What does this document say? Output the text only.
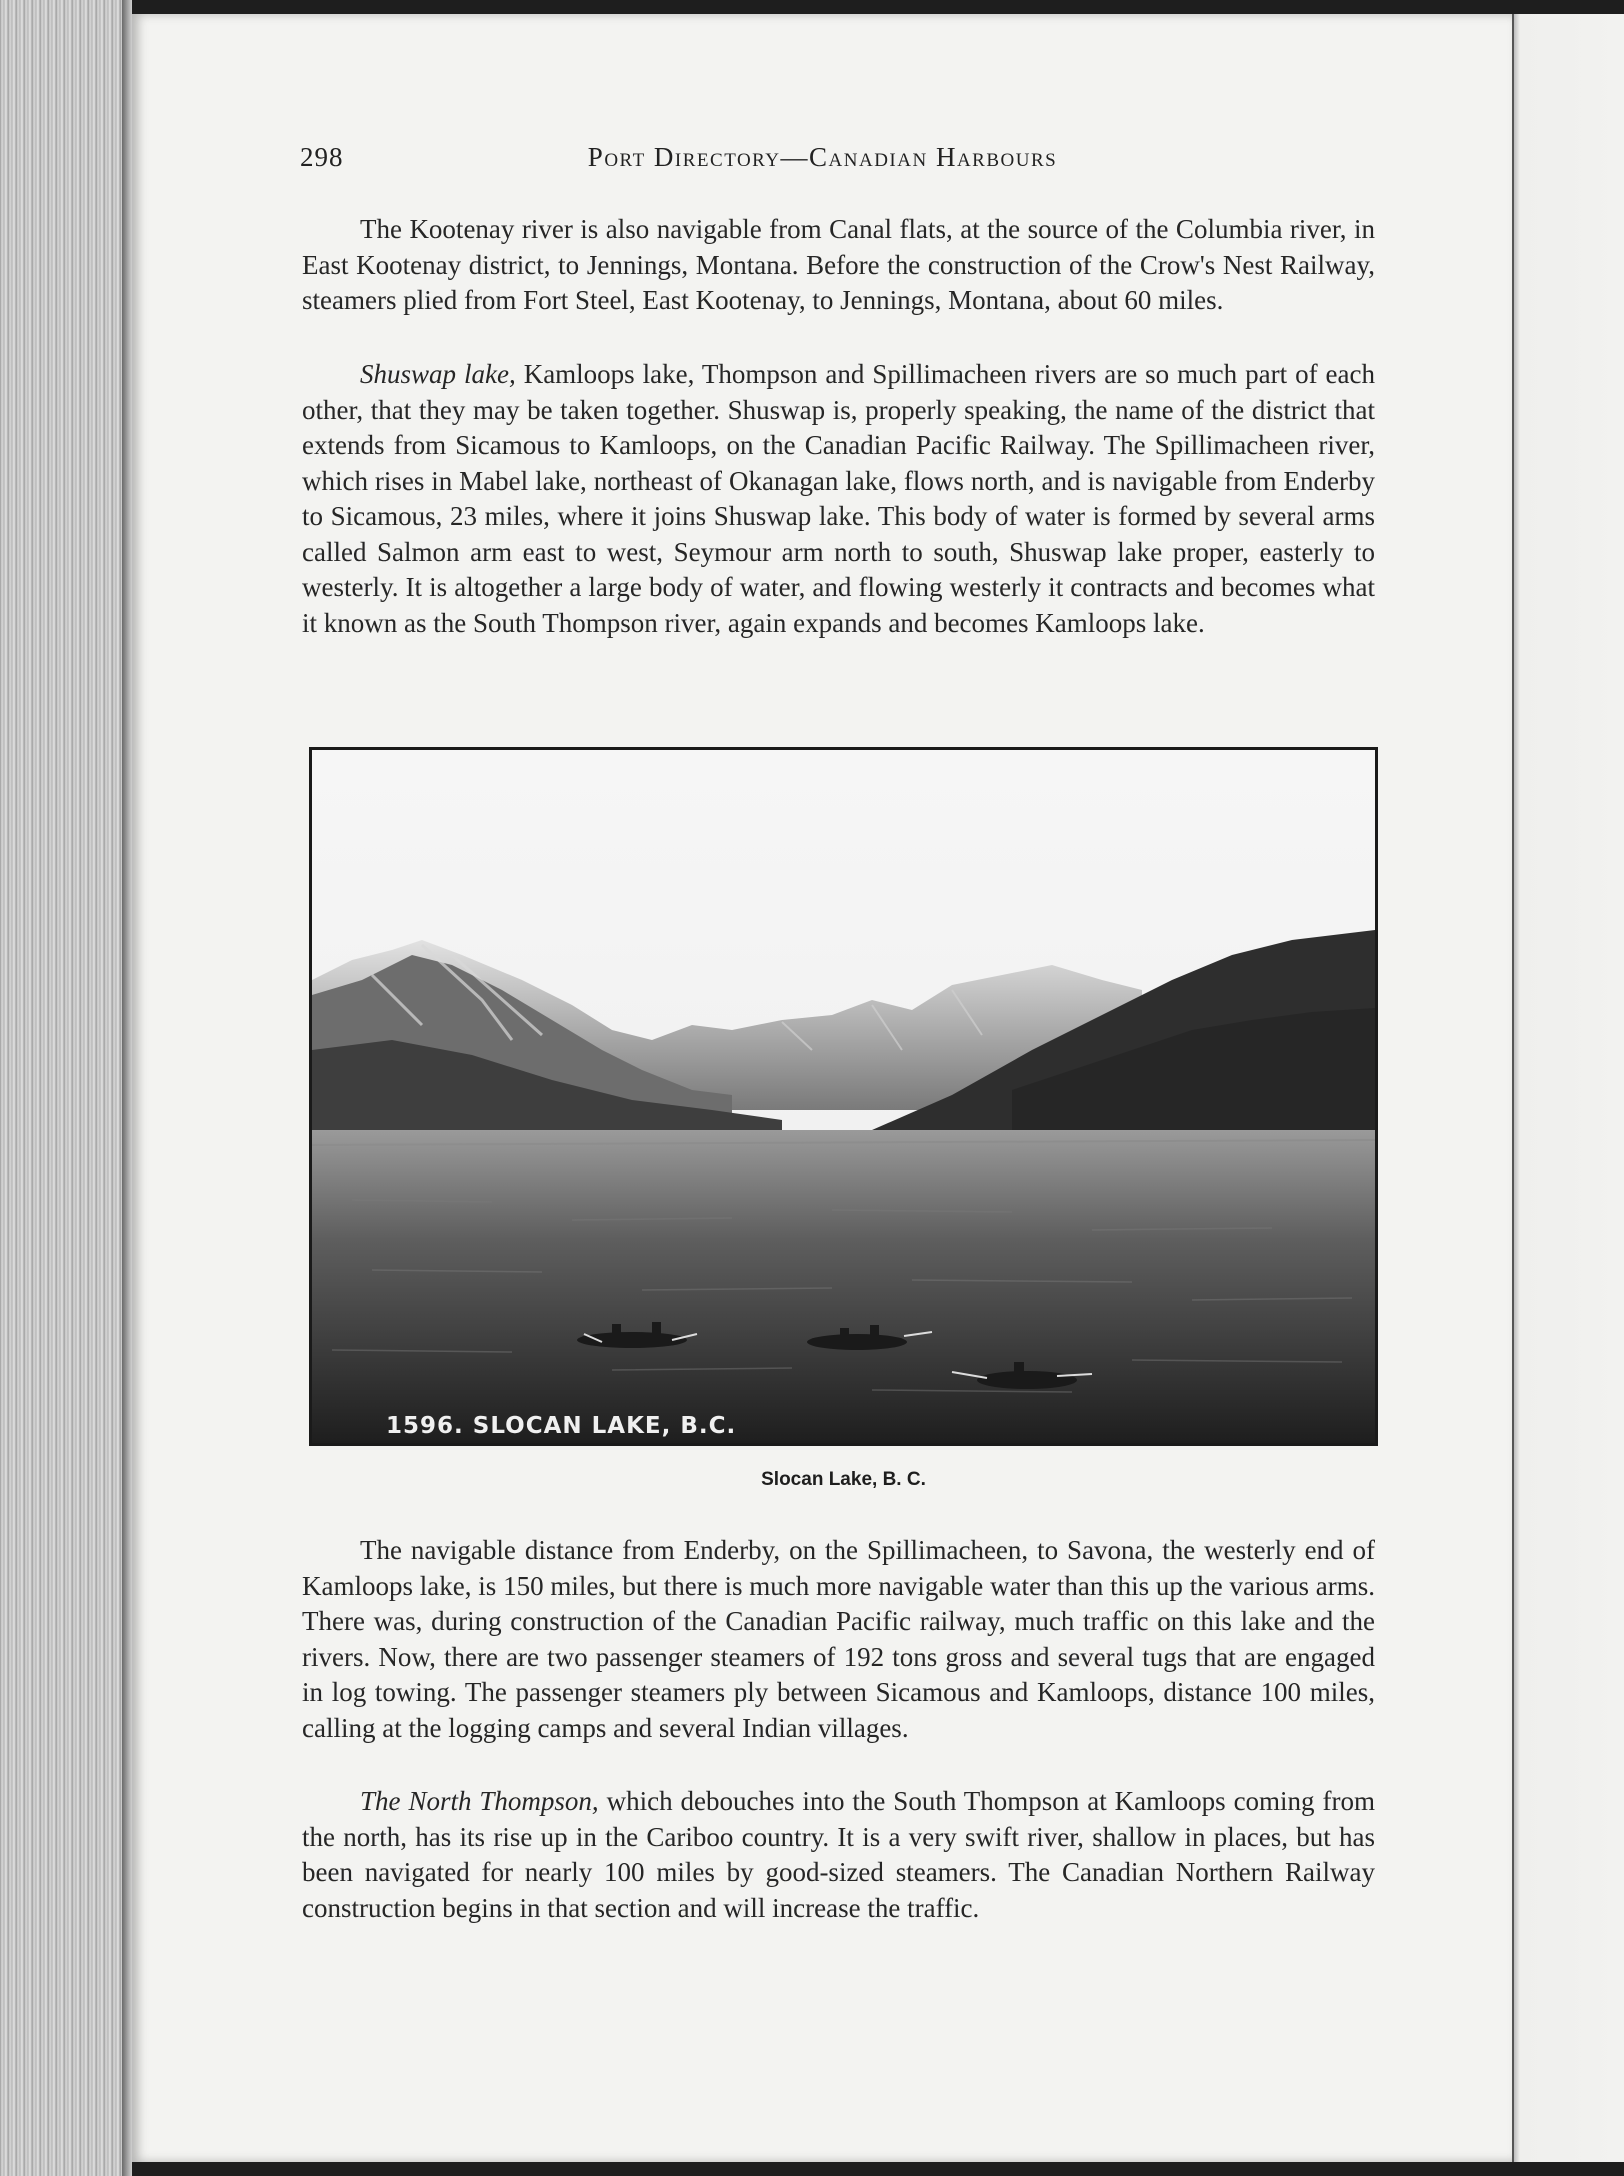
298	Port Directory—Canadian Harbours

The Kootenay river is also navigable from Canal flats, at the source of the Columbia river, in East Kootenay district, to Jennings, Montana. Before the construction of the Crow's Nest Railway, steamers plied from Fort Steel, East Kootenay, to Jennings, Montana, about 60 miles.

Shuswap lake, Kamloops lake, Thompson and Spillimacheen rivers are so much part of each other, that they may be taken together. Shuswap is, properly speaking, the name of the district that extends from Sicamous to Kamloops, on the Canadian Pacific Railway. The Spillimacheen river, which rises in Mabel lake, northeast of Okanagan lake, flows north, and is navigable from Enderby to Sicamous, 23 miles, where it joins Shuswap lake. This body of water is formed by several arms called Salmon arm east to west, Seymour arm north to south, Shuswap lake proper, easterly to westerly. It is altogether a large body of water, and flowing westerly it contracts and becomes what it known as the South Thompson river, again expands and becomes Kamloops lake.

1596. SLOCAN LAKE, B.C.
Slocan Lake, B. C.

The navigable distance from Enderby, on the Spillimacheen, to Savona, the westerly end of Kamloops lake, is 150 miles, but there is much more navigable water than this up the various arms. There was, during construction of the Canadian Pacific railway, much traffic on this lake and the rivers. Now, there are two passenger steamers of 192 tons gross and several tugs that are engaged in log towing. The passenger steamers ply between Sicamous and Kamloops, distance 100 miles, calling at the logging camps and several Indian villages.

The North Thompson, which debouches into the South Thompson at Kamloops coming from the north, has its rise up in the Cariboo country. It is a very swift river, shallow in places, but has been navigated for nearly 100 miles by good-sized steamers. The Canadian Northern Railway construction begins in that section and will increase the traffic.
